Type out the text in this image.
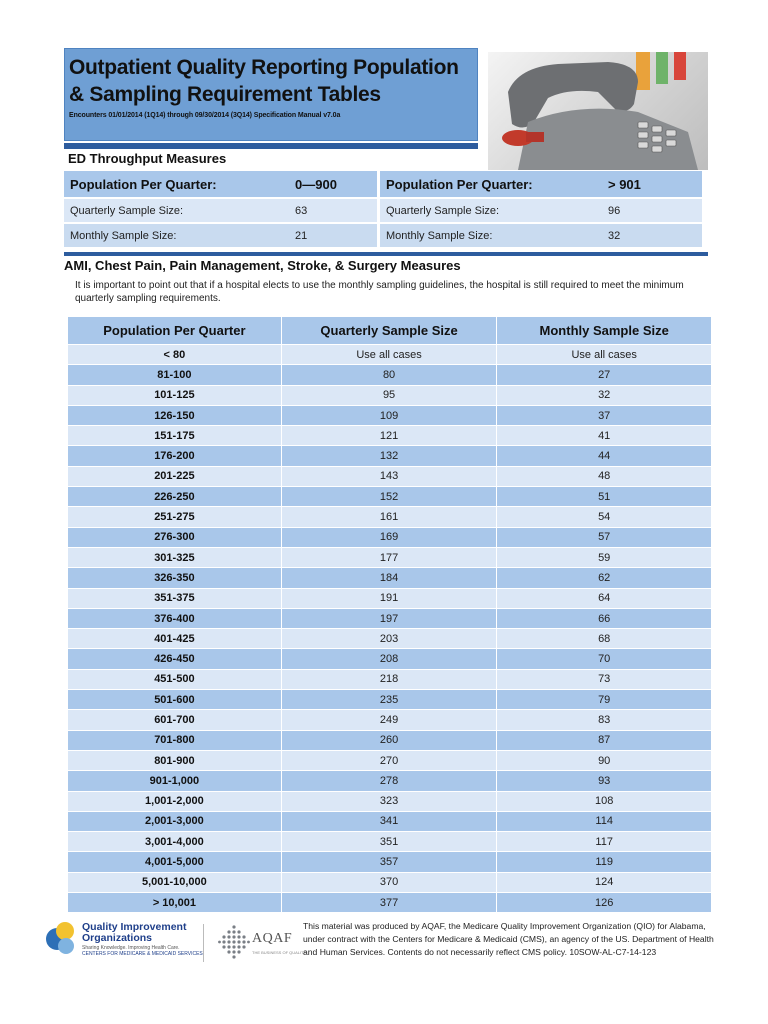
Outpatient Quality Reporting Population & Sampling Requirement Tables
Encounters 01/01/2014 (1Q14) through 09/30/2014 (3Q14) Specification Manual v7.0a
ED Throughput Measures
Population Per Quarter:	0—900
Quarterly Sample Size:	63
Monthly Sample Size:	21
Population Per Quarter:	> 901
Quarterly Sample Size:	96
Monthly Sample Size:	32
AMI, Chest Pain, Pain Management, Stroke, & Surgery Measures
It is important to point out that if a hospital elects to use the monthly sampling guidelines, the hospital is still required to meet the minimum quarterly sampling requirements.
Population Per Quarter	Quarterly Sample Size	Monthly Sample Size
< 80	Use all cases	Use all cases
81-100	80	27
101-125	95	32
126-150	109	37
151-175	121	41
176-200	132	44
201-225	143	48
226-250	152	51
251-275	161	54
276-300	169	57
301-325	177	59
326-350	184	62
351-375	191	64
376-400	197	66
401-425	203	68
426-450	208	70
451-500	218	73
501-600	235	79
601-700	249	83
701-800	260	87
801-900	270	90
901-1,000	278	93
1,001-2,000	323	108
2,001-3,000	341	114
3,001-4,000	351	117
4,001-5,000	357	119
5,001-10,000	370	124
> 10,001	377	126
Quality Improvement
Organizations
Sharing Knowledge. Improving Health Care.
CENTERS FOR MEDICARE & MEDICAID SERVICES
AQAF
THE BUSINESS OF QUALITY
This material was produced by AQAF, the Medicare Quality Improvement Organization (QIO) for Alabama, under contract with the Centers for Medicare & Medicaid (CMS), an agency of the US. Department of Health and Human Services. Contents do not necessarily reflect CMS policy. 10SOW-AL-C7-14-123
